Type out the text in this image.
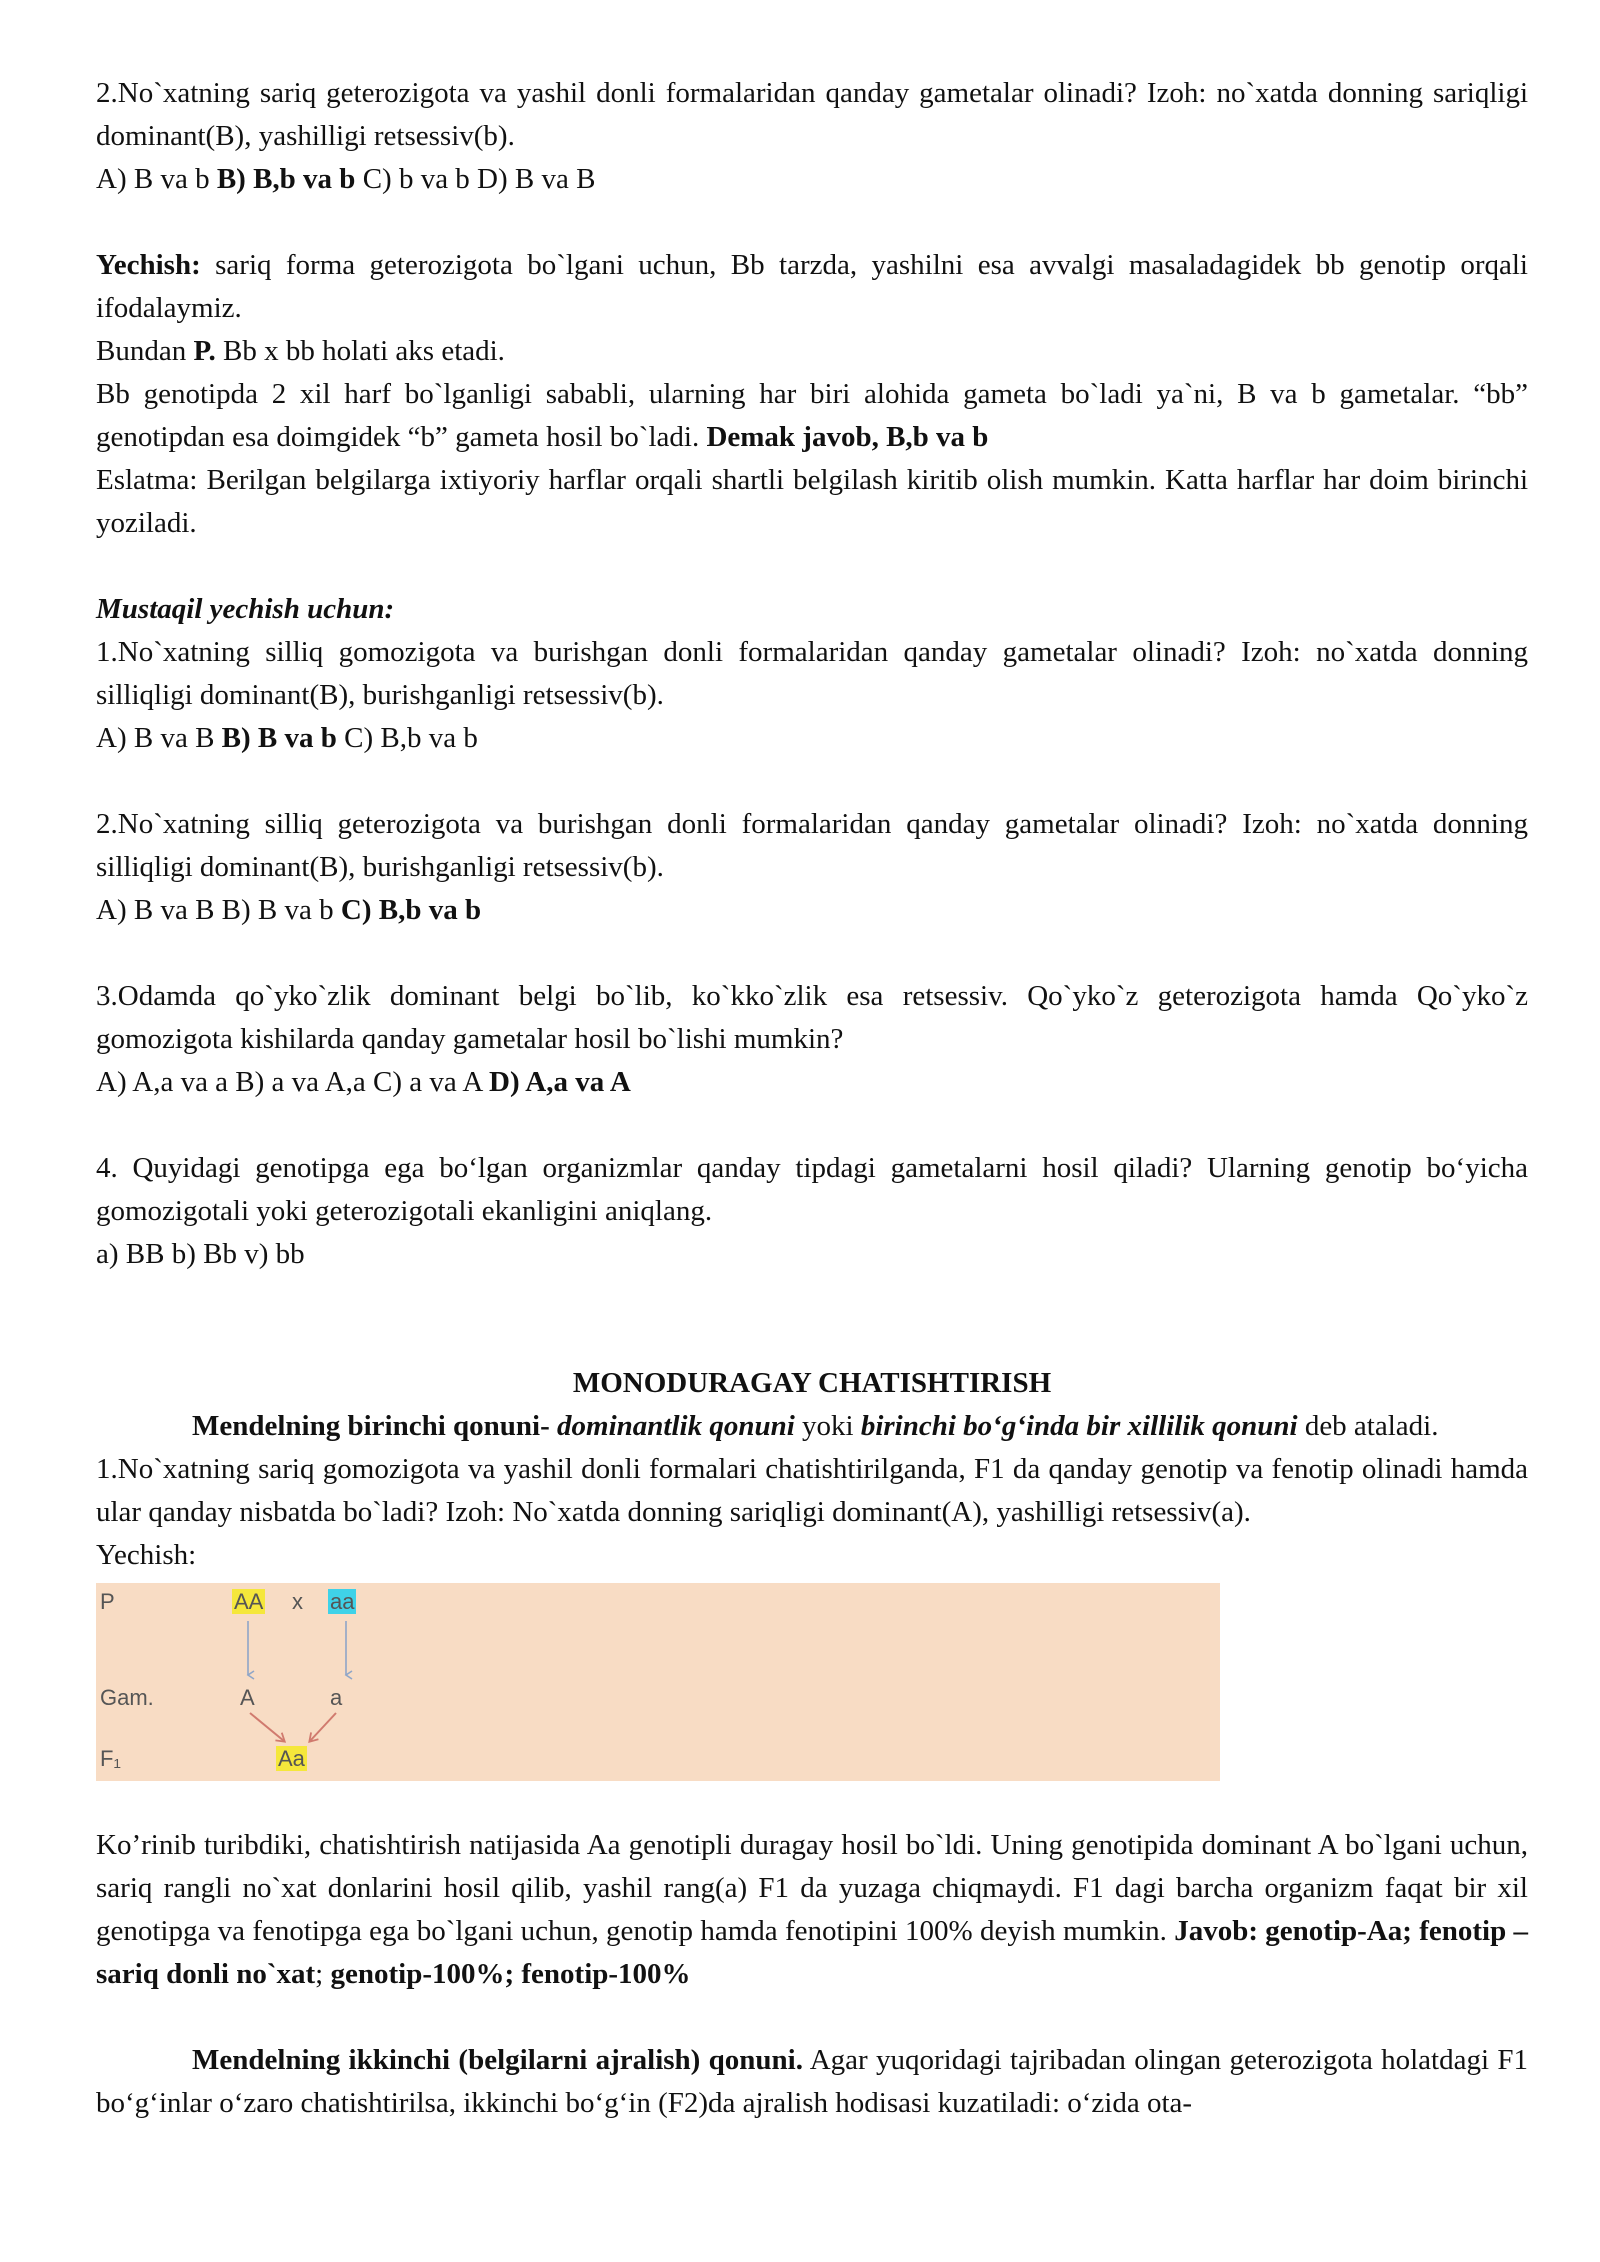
2.No`xatning sariq geterozigota va yashil donli formalaridan qanday gametalar olinadi? Izoh: no`xatda donning sariqligi dominant(B), yashilligi retsessiv(b).

A) B va b B) B,b va b C) b va b D) B va B

Yechish: sariq forma geterozigota bo`lgani uchun, Bb tarzda, yashilni esa avvalgi masaladagidek bb genotip orqali ifodalaymiz.

Bundan P. Bb x bb holati aks etadi.

Bb genotipda 2 xil harf bo`lganligi sababli, ularning har biri alohida gameta bo`ladi ya`ni, B va b gametalar. “bb” genotipdan esa doimgidek “b” gameta hosil bo`ladi. Demak javob, B,b va b

Eslatma: Berilgan belgilarga ixtiyoriy harflar orqali shartli belgilash kiritib olish mumkin. Katta harflar har doim birinchi yoziladi.

Mustaqil yechish uchun:

1.No`xatning silliq gomozigota va burishgan donli formalaridan qanday gametalar olinadi? Izoh: no`xatda donning silliqligi dominant(B), burishganligi retsessiv(b).

A) B va B B) B va b C) B,b va b

2.No`xatning silliq geterozigota va burishgan donli formalaridan qanday gametalar olinadi? Izoh: no`xatda donning silliqligi dominant(B), burishganligi retsessiv(b).

A) B va B B) B va b C) B,b va b

3.Odamda qo`yko`zlik dominant belgi bo`lib, ko`kko`zlik esa retsessiv. Qo`yko`z geterozigota hamda Qo`yko`z gomozigota kishilarda qanday gametalar hosil bo`lishi mumkin?

A) A,a va a B) a va A,a C) a va A D) A,a va A

4. Quyidagi genotipga ega bo‘lgan organizmlar qanday tipdagi gametalarni hosil qiladi? Ularning genotip bo‘yicha gomozigotali yoki geterozigotali ekanligini aniqlang.

a) BB b) Bb v) bb

MONODURAGAY CHATISHTIRISH

Mendelning birinchi qonuni- dominantlik qonuni yoki birinchi bo‘g‘inda bir xillilik qonuni deb ataladi.

1.No`xatning sariq gomozigota va yashil donli formalari chatishtirilganda, F1 da qanday genotip va fenotip olinadi hamda ular qanday nisbatda bo`ladi? Izoh: No`xatda donning sariqligi dominant(A), yashilligi retsessiv(a).

Yechish:

P	AA x aa
Gam.	A	a
F₁	Aa

Ko’rinib turibdiki, chatishtirish natijasida Aa genotipli duragay hosil bo`ldi. Uning genotipida dominant A bo`lgani uchun, sariq rangli no`xat donlarini hosil qilib, yashil rang(a) F1 da yuzaga chiqmaydi. F1 dagi barcha organizm faqat bir xil genotipga va fenotipga ega bo`lgani uchun, genotip hamda fenotipini 100% deyish mumkin. Javob: genotip-Aa; fenotip – sariq donli no`xat; genotip-100%; fenotip-100%

Mendelning ikkinchi (belgilarni ajralish) qonuni. Agar yuqoridagi tajribadan olingan geterozigota holatdagi F1 bo‘g‘inlar o‘zaro chatishtirilsa, ikkinchi bo‘g‘in (F2)da ajralish hodisasi kuzatiladi: o‘zida ota-
